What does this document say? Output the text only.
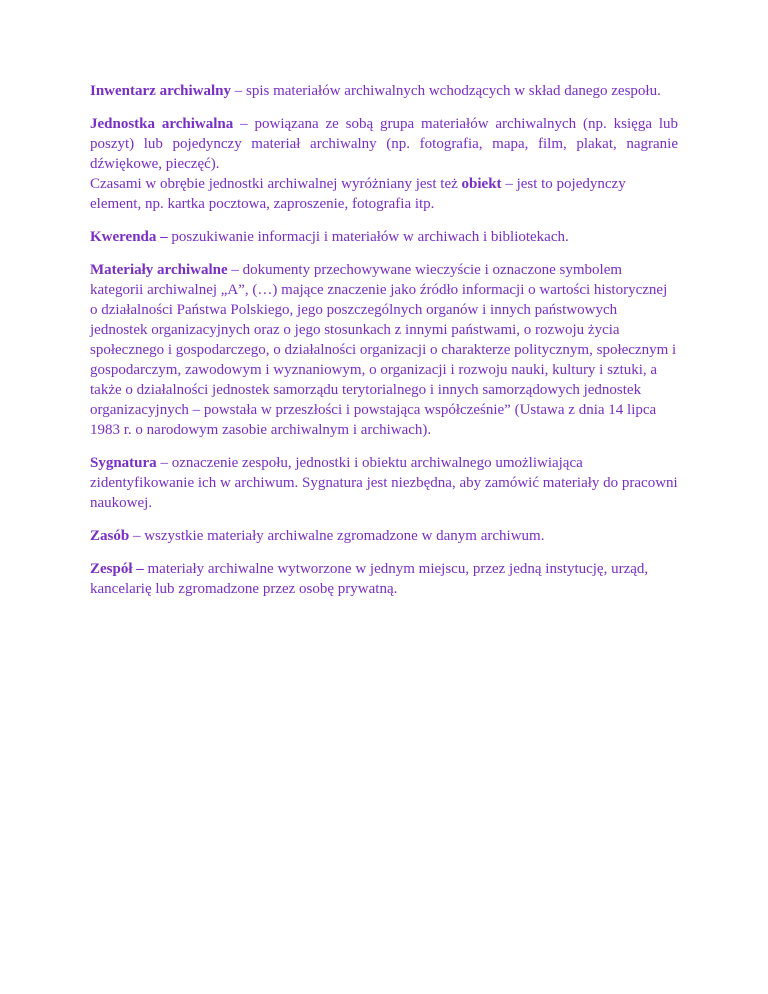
Inwentarz archiwalny – spis materiałów archiwalnych wchodzących w skład danego zespołu.

Jednostka archiwalna – powiązana ze sobą grupa materiałów archiwalnych (np. księga lub poszyt) lub pojedynczy materiał archiwalny (np. fotografia, mapa, film, plakat, nagranie dźwiękowe, pieczęć).

Czasami w obrębie jednostki archiwalnej wyróżniany jest też obiekt – jest to pojedynczy element, np. kartka pocztowa, zaproszenie, fotografia itp.

Kwerenda – poszukiwanie informacji i materiałów w archiwach i bibliotekach.

Materiały archiwalne – dokumenty przechowywane wieczyście i oznaczone symbolem kategorii archiwalnej „A”, (…) mające znaczenie jako źródło informacji o wartości historycznej o działalności Państwa Polskiego, jego poszczególnych organów i innych państwowych jednostek organizacyjnych oraz o jego stosunkach z innymi państwami, o rozwoju życia społecznego i gospodarczego, o działalności organizacji o charakterze politycznym, społecznym i gospodarczym, zawodowym i wyznaniowym, o organizacji i rozwoju nauki, kultury i sztuki, a także o działalności jednostek samorządu terytorialnego i innych samorządowych jednostek organizacyjnych – powstała w przeszłości i powstająca współcześnie” (Ustawa z dnia 14 lipca 1983 r. o narodowym zasobie archiwalnym i archiwach).

Sygnatura – oznaczenie zespołu, jednostki i obiektu archiwalnego umożliwiająca zidentyfikowanie ich w archiwum. Sygnatura jest niezbędna, aby zamówić materiały do pracowni naukowej.

Zasób – wszystkie materiały archiwalne zgromadzone w danym archiwum.

Zespół – materiały archiwalne wytworzone w jednym miejscu, przez jedną instytucję, urząd, kancelarię lub zgromadzone przez osobę prywatną.
